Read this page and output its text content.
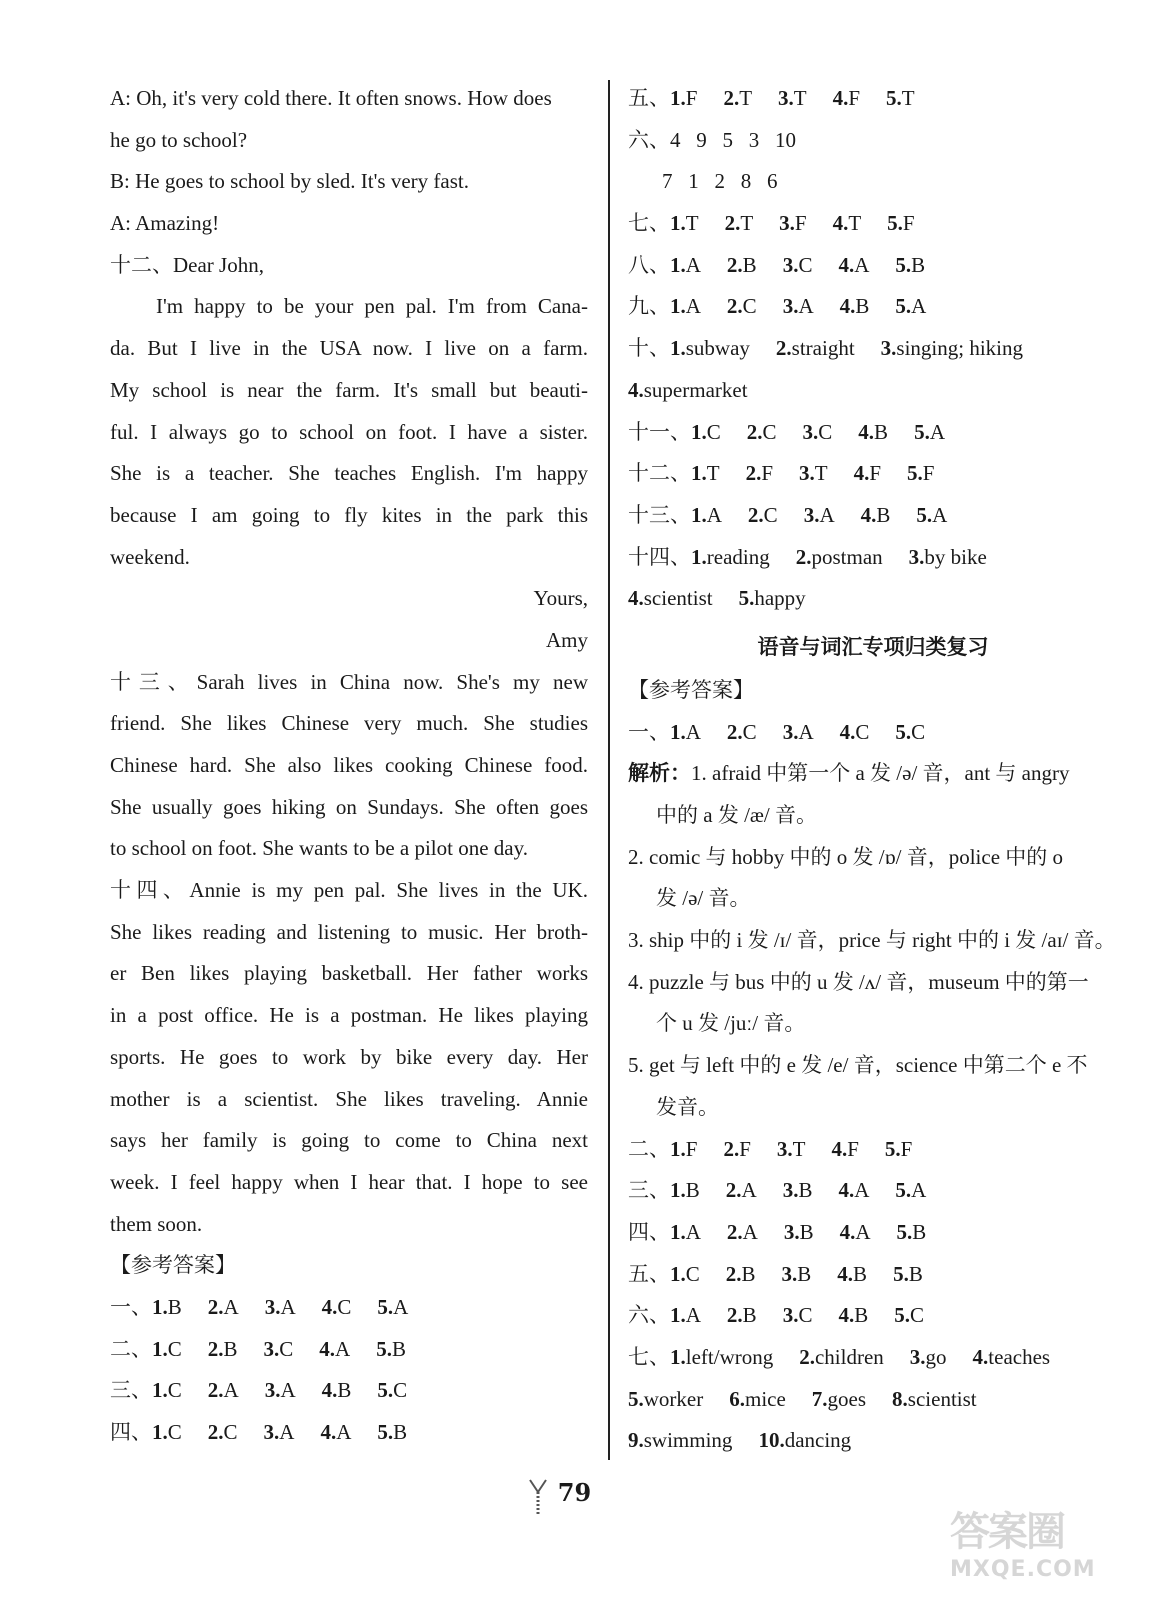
A: Oh, it's very cold there. It often snows. How does
he go to school?
B: He goes to school by sled. It's very fast.
A: Amazing!
十二、Dear John,
I'm happy to be your pen pal. I'm from Cana-
da. But I live in the USA now. I live on a farm.
My school is near the farm. It's small but beauti-
ful. I always go to school on foot. I have a sister.
She is a teacher. She teaches English. I'm happy
because I am going to fly kites in the park this
weekend.
Yours,
Amy
十三、Sarah lives in China now. She's my new
friend. She likes Chinese very much. She studies
Chinese hard. She also likes cooking Chinese food.
She usually goes hiking on Sundays. She often goes
to school on foot. She wants to be a pilot one day.
十四、Annie is my pen pal. She lives in the UK.
She likes reading and listening to music. Her broth-
er Ben likes playing basketball. Her father works
in a post office. He is a postman. He likes playing
sports. He goes to work by bike every day. Her
mother is a scientist. She likes traveling. Annie
says her family is going to come to China next
week. I feel happy when I hear that. I hope to see
them soon.
【参考答案】
一、1.B 2.A 3.A 4.C 5.A
二、1.C 2.B 3.C 4.A 5.B
三、1.C 2.A 3.A 4.B 5.C
四、1.C 2.C 3.A 4.A 5.B
五、1.F 2.T 3.T 4.F 5.T
六、4   9   5   3   10
7   1   2   8   6
七、1.T 2.T 3.F 4.T 5.F
八、1.A 2.B 3.C 4.A 5.B
九、1.A 2.C 3.A 4.B 5.A
十、1.subway 2.straight 3.singing; hiking
4.supermarket
十一、1.C 2.C 3.C 4.B 5.A
十二、1.T 2.F 3.T 4.F 5.F
十三、1.A 2.C 3.A 4.B 5.A
十四、1.reading 2.postman 3.by bike
4.scientist 5.happy
语音与词汇专项归类复习
【参考答案】
一、1.A 2.C 3.A 4.C 5.C
解析：1. afraid 中第一个 a 发 /ə/ 音，ant 与 angry
中的 a 发 /æ/ 音。
2. comic 与 hobby 中的 o 发 /ɒ/ 音，police 中的 o
发 /ə/ 音。
3. ship 中的 i 发 /ɪ/ 音，price 与 right 中的 i 发 /aɪ/ 音。
4. puzzle 与 bus 中的 u 发 /ʌ/ 音，museum 中的第一
个 u 发 /juː/ 音。
5. get 与 left 中的 e 发 /e/ 音，science 中第二个 e 不
发音。
二、1.F 2.F 3.T 4.F 5.F
三、1.B 2.A 3.B 4.A 5.A
四、1.A 2.A 3.B 4.A 5.B
五、1.C 2.B 3.B 4.B 5.B
六、1.A 2.B 3.C 4.B 5.C
七、1.left/wrong 2.children 3.go 4.teaches
5.worker 6.mice 7.goes 8.scientist
9.swimming 10.dancing
79
答案圈
MXQE.COM
